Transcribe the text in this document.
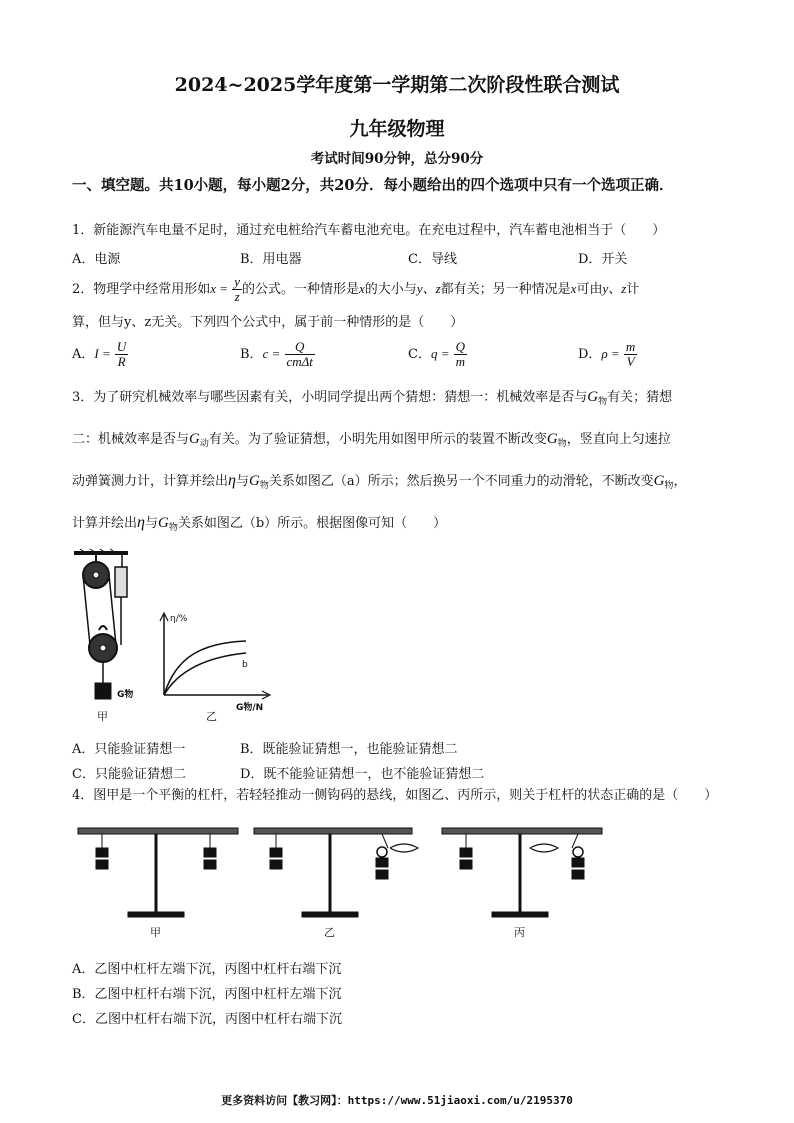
2024~2025学年度第一学期第二次阶段性联合测试
九年级物理
考试时间90分钟，总分90分
一、填空题。共10小题，每小题2分，共20分．每小题给出的四个选项中只有一个选项正确．
1．新能源汽车电量不足时，通过充电桩给汽车蓄电池充电。在充电过程中，汽车蓄电池相当于（　　）
A．电源	B．用电器	C．导线	D．开关
2．物理学中经常用形如$x = \frac{y}{z}$ 的公式。一种情形是x的大小与y、z都有关；另一种情况是x可由y、z计
算，但与y、z无关。下列四个公式中，属于前一种情形的是（　　）
A．$I = \frac{U}{R}$	B．$c = \frac{Q}{\text{cmΔt}}$	C．$q = \frac{Q}{m}$	D．$\rho = \frac{m}{V}$
3．为了研究机械效率与哪些因素有关，小明同学提出两个猜想：猜想一：机械效率是否与$G_物$有关；猜想
二：机械效率是否与$G_动$有关。为了验证猜想，小明先用如图甲所示的装置不断改变$G_物$，竖直向上匀速拉
动弹簧测力计，计算并绘出η与$G_物$关系如图乙（a）所示；然后换另一个不同重力的动滑轮，不断改变$G_物$，
计算并绘出η与$G_物$关系如图乙（b）所示。根据图像可知（　　）
G物
甲
η/%
b
乙
G物/N
A．只能验证猜想一	B．既能验证猜想一，也能验证猜想二
C．只能验证猜想二	D．既不能验证猜想一，也不能验证猜想二
4．图甲是一个平衡的杠杆，若轻轻推动一侧钩码的悬线，如图乙、丙所示，则关于杠杆的状态正确的是（　　）
甲	乙	丙
A．乙图中杠杆左端下沉，丙图中杠杆右端下沉
B．乙图中杠杆右端下沉，丙图中杠杆左端下沉
C．乙图中杠杆右端下沉，丙图中杠杆右端下沉
更多资料访问【教习网】：https://www.51jiaoxi.com/u/2195370
